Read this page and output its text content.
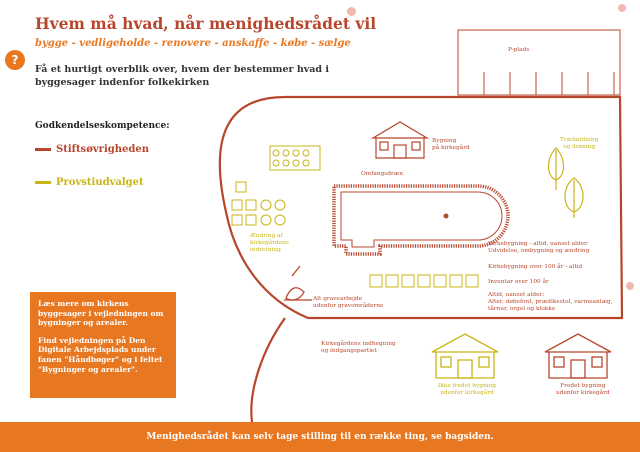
?
Hvem må hvad, når menighedsrådet vil
bygge - vedligeholde - renovere - anskaffe - købe - sælge
Få et hurtigt overblik over, hvem der bestemmer hvad i byggesager indenfor folkekirken
Godkendelseskompetence:
Stiftsøvrigheden
Provstiudvalget
P-plads
Bygning
på kirkegård
Træfældning
og drøning
Omfangsdræn
Ændring af
kirkegårdens
indretning
Kirkebygning - altid, uanset alder:
Udvidelse, ombygning og ændring
Kirkebygning over 100 år - altid
Inventar over 100 år
Altid, uanset alder:
Alter, døbefont, prædikestol, varmeanlæg,
tårnur, orgel og klokke
Alt gravearbejde
udenfor gravområderne
Kirkegårdens indhegning
og indgangspartiet
Ikke fredet bygning
udenfor kirkegård
Fredet bygning
udenfor kirkegård

Læs mere om kirkens byggesager i vejledningen om bygninger og arealer.

Find vejledningen på Den Digitale Arbejdsplads under fanen "Håndbøger" og i feltet "Bygninger og arealer".

Menighedsrådet kan selv tage stilling til en række ting, se bagsiden.
